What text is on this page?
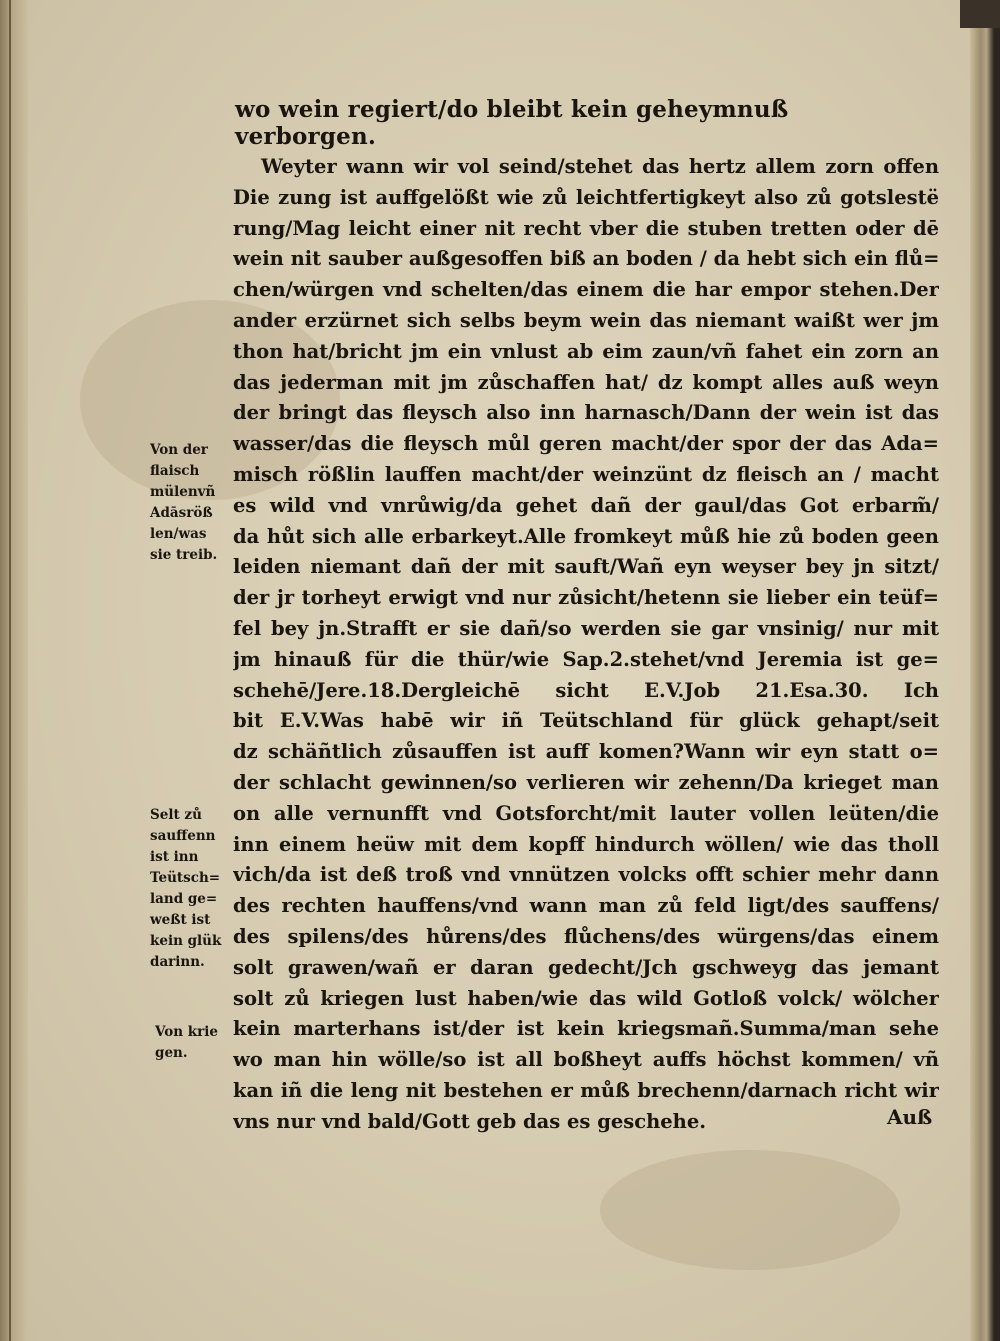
wo wein regiert/do bleibt kein geheymnuß verborgen.
Weyter wann wir vol seind/stehet das hertz allem zorn offen
Die zung ist auffgelößt wie zů leichtfertigkeyt also zů gotslestë
rung/Mag leicht einer nit recht vber die stuben tretten oder dē
wein nit sauber außgesoffen biß an boden / da hebt sich ein flů=
chen/würgen vnd schelten/das einem die har empor stehen.Der
ander erzürnet sich selbs beym wein das niemant waißt wer jm
thon hat/bricht jm ein vnlust ab eim zaun/vñ fahet ein zorn an
das jederman mit jm zůschaffen hat/ dz kompt alles auß weyn
der bringt das fleysch also inn harnasch/Dann der wein ist das
wasser/das die fleysch můl geren macht/der spor der das Ada=
misch rößlin lauffen macht/der weinzünt dz fleisch an / macht
es wild vnd vnrůwig/da gehet dañ der gaul/das Got erbarm̃/
da hůt sich alle erbarkeyt.Alle fromkeyt můß hie zů boden geen
leiden niemant dañ der mit sauft/Wañ eyn weyser bey jn sitzt/
der jr torheyt erwigt vnd nur zůsicht/hetenn sie lieber ein teüf=
fel bey jn.Strafft er sie dañ/so werden sie gar vnsinig/ nur mit
jm hinauß für die thür/wie Sap.2.stehet/vnd Jeremia ist ge=
schehē/Jere.18.Dergleichē sicht E.V.Job 21.Esa.30. Ich
bit E.V.Was habē wir iñ Teütschland für glück gehapt/seit
dz schäñtlich zůsauffen ist auff komen?Wann wir eyn statt o=
der schlacht gewinnen/so verlieren wir zehenn/Da krieget man
on alle vernunfft vnd Gotsforcht/mit lauter vollen leüten/die
inn einem heüw mit dem kopff hindurch wöllen/ wie das tholl
vich/da ist deß troß vnd vnnützen volcks offt schier mehr dann
des rechten hauffens/vnd wann man zů feld ligt/des sauffens/
des spilens/des hůrens/des flůchens/des würgens/das einem
solt grawen/wañ er daran gedecht/Jch gschweyg das jemant
solt zů kriegen lust haben/wie das wild Gotloß volck/ wölcher
kein marterhans ist/der ist kein kriegsmañ.Summa/man sehe
wo man hin wölle/so ist all boßheyt auffs höchst kommen/ vñ
kan iñ die leng nit bestehen er můß brechenn/darnach richt wir
vns nur vnd bald/Gott geb das es geschehe.
Von der
flaisch
mülenvñ
Adāsröß
len/was
sie treib.
Selt zů
sauffenn
ist inn
Teütsch=
land ge=
weßt ist
kein glük
darinn.
Von krie
gen.
Auß
